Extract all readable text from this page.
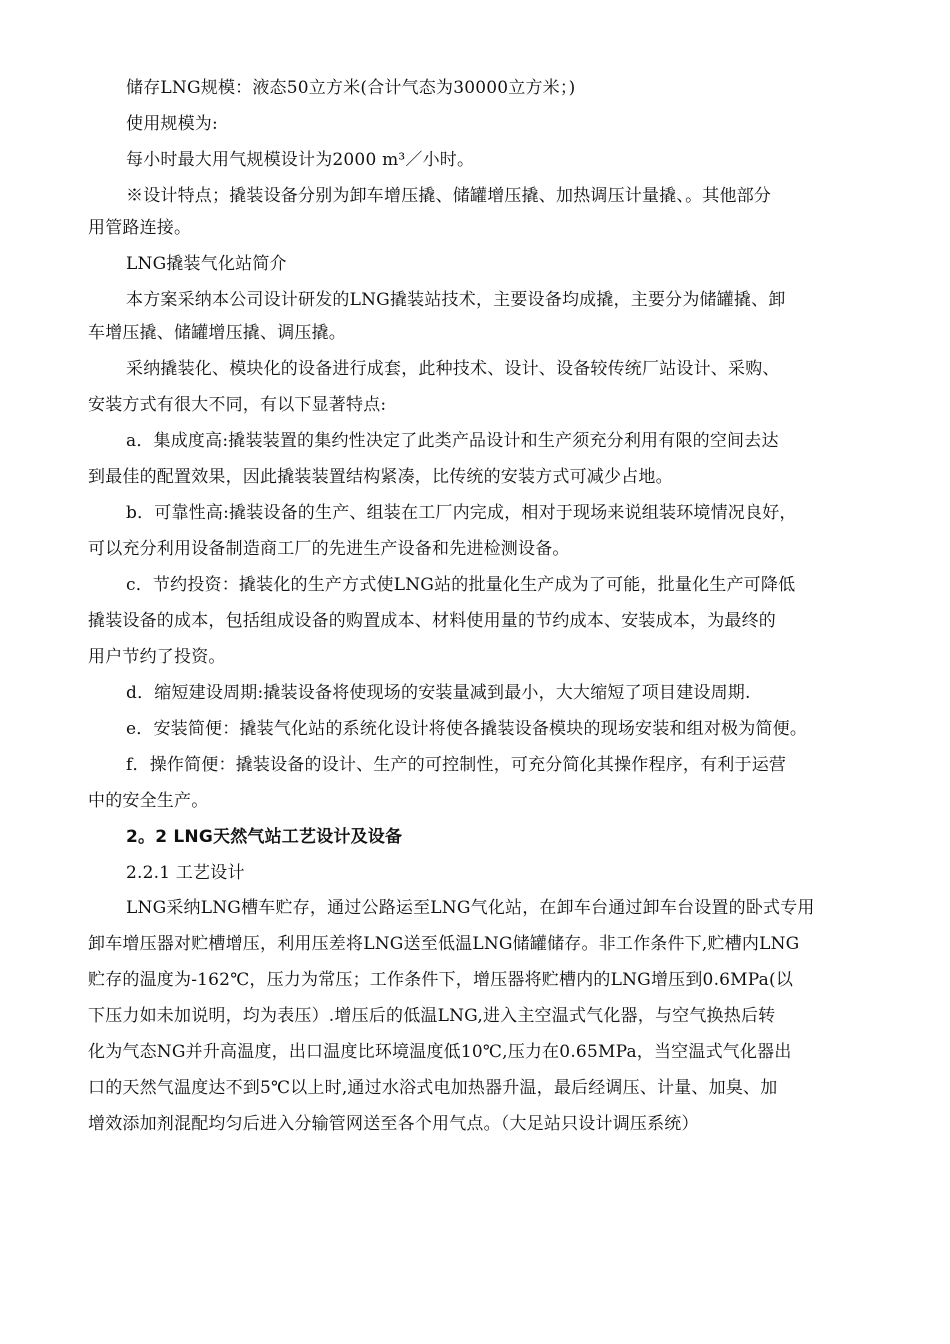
储存LNG规模：液态50立方米(合计气态为30000立方米；)
使用规模为:
每小时最大用气规模设计为2000 m³／小时。
※设计特点；撬装设备分别为卸车增压撬、储罐增压撬、加热调压计量撬、。其他部分
用管路连接。
LNG撬装气化站简介
本方案采纳本公司设计研发的LNG撬装站技术，主要设备均成撬，主要分为储罐撬、卸
车增压撬、储罐增压撬、调压撬。
采纳撬装化、模块化的设备进行成套，此种技术、设计、设备较传统厂站设计、采购、
安装方式有很大不同，有以下显著特点:
a．集成度高:撬装装置的集约性决定了此类产品设计和生产须充分利用有限的空间去达
到最佳的配置效果，因此撬装装置结构紧凑，比传统的安装方式可减少占地。
b．可靠性高:撬装设备的生产、组装在工厂内完成，相对于现场来说组装环境情况良好，
可以充分利用设备制造商工厂的先进生产设备和先进检测设备。
c．节约投资：撬装化的生产方式使LNG站的批量化生产成为了可能，批量化生产可降低
撬装设备的成本，包括组成设备的购置成本、材料使用量的节约成本、安装成本，为最终的
用户节约了投资。
d．缩短建设周期:撬装设备将使现场的安装量减到最小，大大缩短了项目建设周期.
e．安装简便：撬装气化站的系统化设计将使各撬装设备模块的现场安装和组对极为简便。
f．操作简便：撬装设备的设计、生产的可控制性，可充分简化其操作程序，有利于运营
中的安全生产。
2。2 LNG天然气站工艺设计及设备
2.2.1 工艺设计
LNG采纳LNG槽车贮存，通过公路运至LNG气化站，在卸车台通过卸车台设置的卧式专用
卸车增压器对贮槽增压，利用压差将LNG送至低温LNG储罐储存。非工作条件下,贮槽内LNG
贮存的温度为-162℃，压力为常压；工作条件下，增压器将贮槽内的LNG增压到0.6MPa(以
下压力如未加说明，均为表压）.增压后的低温LNG,进入主空温式气化器，与空气换热后转
化为气态NG并升高温度，出口温度比环境温度低10℃,压力在0.65MPa，当空温式气化器出
口的天然气温度达不到5℃以上时,通过水浴式电加热器升温，最后经调压、计量、加臭、加
增效添加剂混配均匀后进入分输管网送至各个用气点。（大足站只设计调压系统）
